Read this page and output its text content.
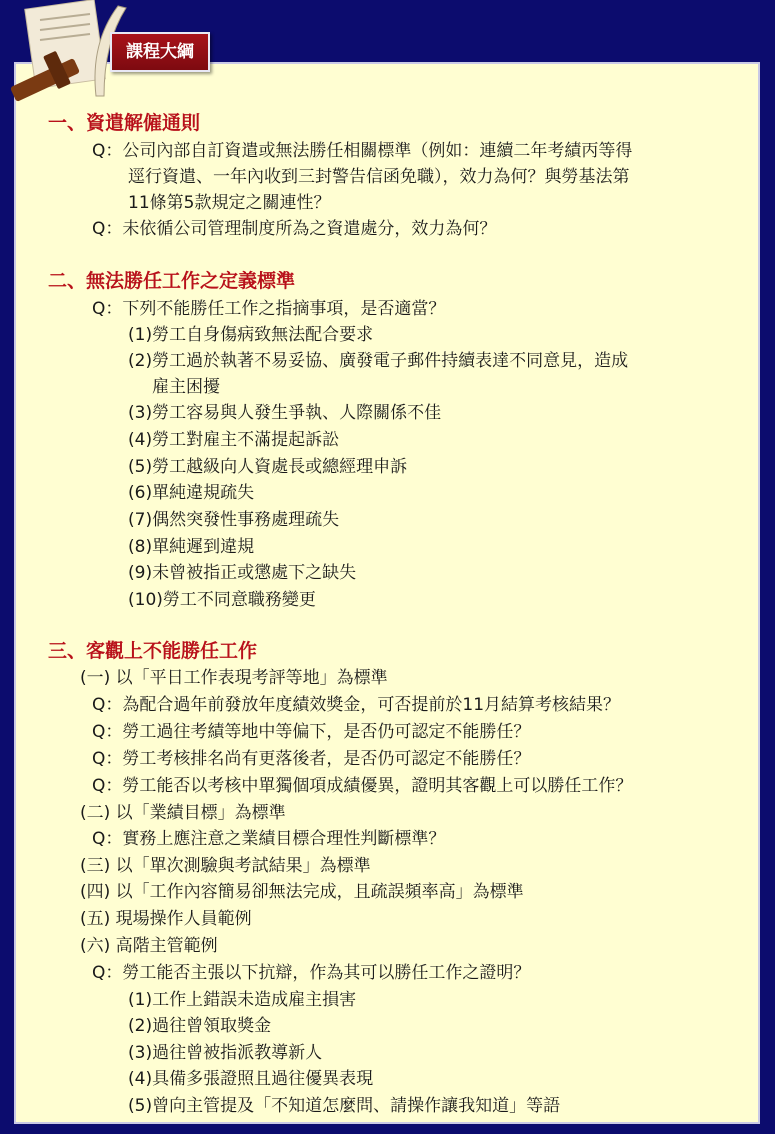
課程大綱
一、資遣解僱通則
Q：公司內部自訂資遣或無法勝任相關標準（例如：連續二年考績丙等得
逕行資遣、一年內收到三封警告信函免職），效力為何？與勞基法第
11條第5款規定之關連性？
Q：未依循公司管理制度所為之資遣處分，效力為何？
二、無法勝任工作之定義標準
Q：下列不能勝任工作之指摘事項，是否適當？
(1)勞工自身傷病致無法配合要求
(2)勞工過於執著不易妥協、廣發電子郵件持續表達不同意見，造成
雇主困擾
(3)勞工容易與人發生爭執、人際關係不佳
(4)勞工對雇主不滿提起訴訟
(5)勞工越級向人資處長或總經理申訴
(6)單純違規疏失
(7)偶然突發性事務處理疏失
(8)單純遲到違規
(9)未曾被指正或懲處下之缺失
(10)勞工不同意職務變更
三、客觀上不能勝任工作
(一) 以「平日工作表現考評等地」為標準
Q：為配合過年前發放年度績效獎金，可否提前於11月結算考核結果？
Q：勞工過往考績等地中等偏下，是否仍可認定不能勝任？
Q：勞工考核排名尚有更落後者，是否仍可認定不能勝任？
Q：勞工能否以考核中單獨個項成績優異，證明其客觀上可以勝任工作？
(二) 以「業績目標」為標準
Q：實務上應注意之業績目標合理性判斷標準？
(三) 以「單次測驗與考試結果」為標準
(四) 以「工作內容簡易卻無法完成，且疏誤頻率高」為標準
(五) 現場操作人員範例
(六) 高階主管範例
Q：勞工能否主張以下抗辯，作為其可以勝任工作之證明？
(1)工作上錯誤未造成雇主損害
(2)過往曾領取獎金
(3)過往曾被指派教導新人
(4)具備多張證照且過往優異表現
(5)曾向主管提及「不知道怎麼問、請操作讓我知道」等語
